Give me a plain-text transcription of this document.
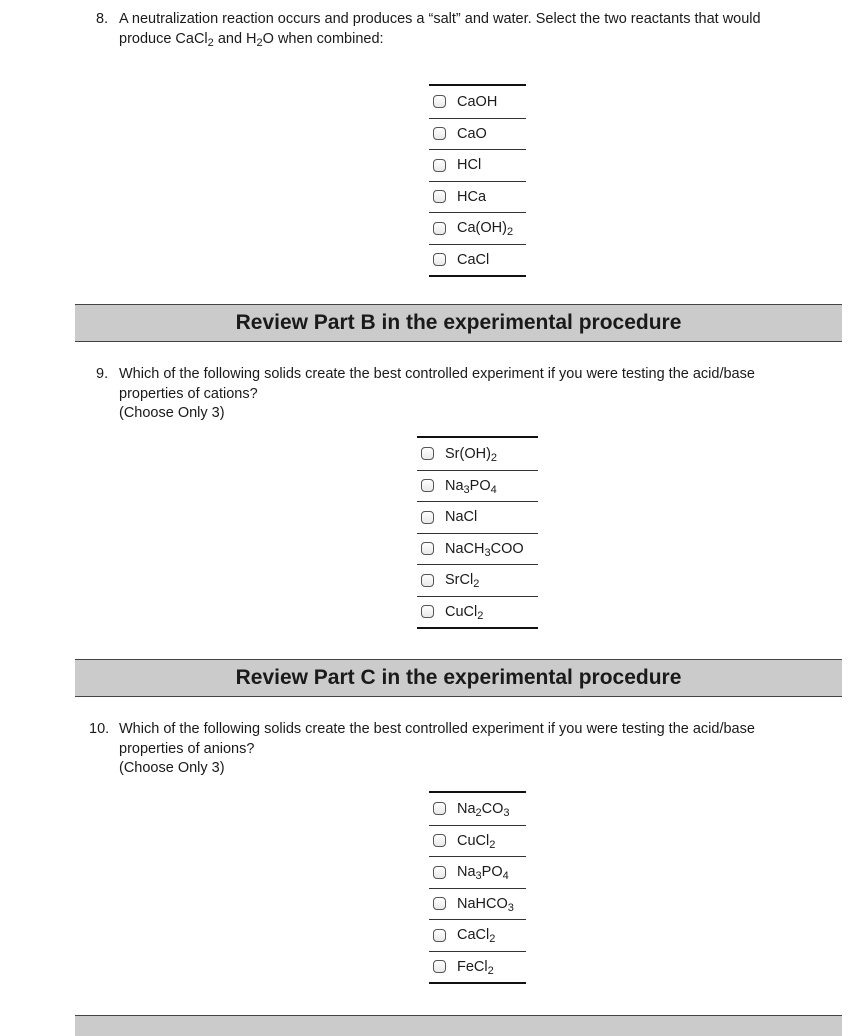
8. A neutralization reaction occurs and produces a “salt” and water. Select the two reactants that would
produce CaCl$_2$ and $H_2O$ when combined:
CaOH
CaO
HCl
HCa
$Ca(OH)_2$
CaCl
Review Part B in the experimental procedure
9. Which of the following solids create the best controlled experiment if you were testing the acid/base
properties of cations?
(Choose Only 3)
$Sr(OH)_2$
$Na_3PO_4$
NaCl
NaCH$_3$COO
SrCl$_2$
CuCl$_2$
Review Part C in the experimental procedure
10. Which of the following solids create the best controlled experiment if you were testing the acid/base
properties of anions?
(Choose Only 3)
$Na_2CO_3$
CuCl$_2$
$Na_3PO_4$
NaHCO$_3$
CaCl$_2$
FeCl$_2$
